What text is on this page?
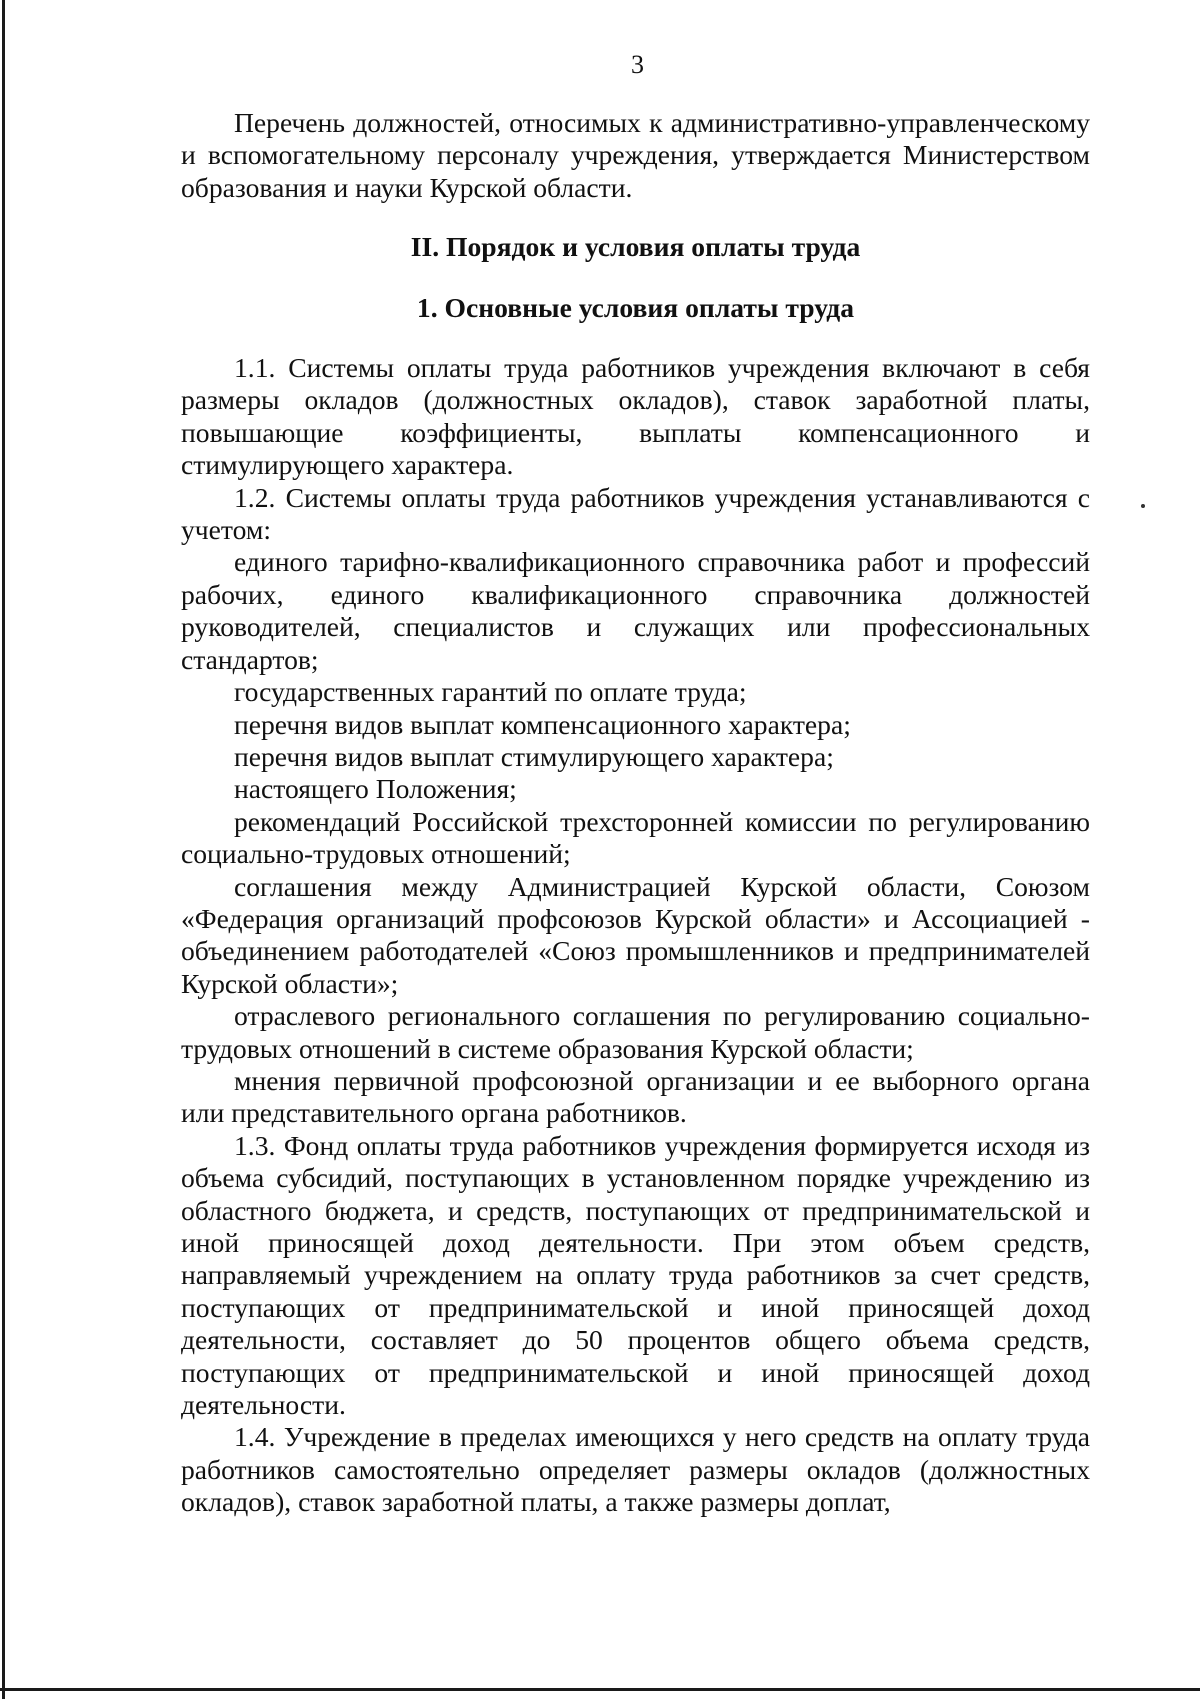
3

Перечень должностей, относимых к административно-управленческому и вспомогательному персоналу учреждения, утверждается Министерством образования и науки Курской области.

II. Порядок и условия оплаты труда

1. Основные условия оплаты труда

1.1. Системы оплаты труда работников учреждения включают в себя размеры окладов (должностных окладов), ставок заработной платы, повышающие коэффициенты, выплаты компенсационного и стимулирующего характера.

1.2. Системы оплаты труда работников учреждения устанавливаются с учетом:

единого тарифно-квалификационного справочника работ и профессий рабочих, единого квалификационного справочника должностей руководителей, специалистов и служащих или профессиональных стандартов;

государственных гарантий по оплате труда;

перечня видов выплат компенсационного характера;

перечня видов выплат стимулирующего характера;

настоящего Положения;

рекомендаций Российской трехсторонней комиссии по регулированию социально-трудовых отношений;

соглашения между Администрацией Курской области, Союзом «Федерация организаций профсоюзов Курской области» и Ассоциацией - объединением работодателей «Союз промышленников и предпринимателей Курской области»;

отраслевого регионального соглашения по регулированию социально-трудовых отношений в системе образования Курской области;

мнения первичной профсоюзной организации и ее выборного органа или представительного органа работников.

1.3. Фонд оплаты труда работников учреждения формируется исходя из объема субсидий, поступающих в установленном порядке учреждению из областного бюджета, и средств, поступающих от предпринимательской и иной приносящей доход деятельности. При этом объем средств, направляемый учреждением на оплату труда работников за счет средств, поступающих от предпринимательской и иной приносящей доход деятельности, составляет до 50 процентов общего объема средств, поступающих от предпринимательской и иной приносящей доход деятельности.

1.4. Учреждение в пределах имеющихся у него средств на оплату труда работников самостоятельно определяет размеры окладов (должностных окладов), ставок заработной платы, а также размеры доплат,
